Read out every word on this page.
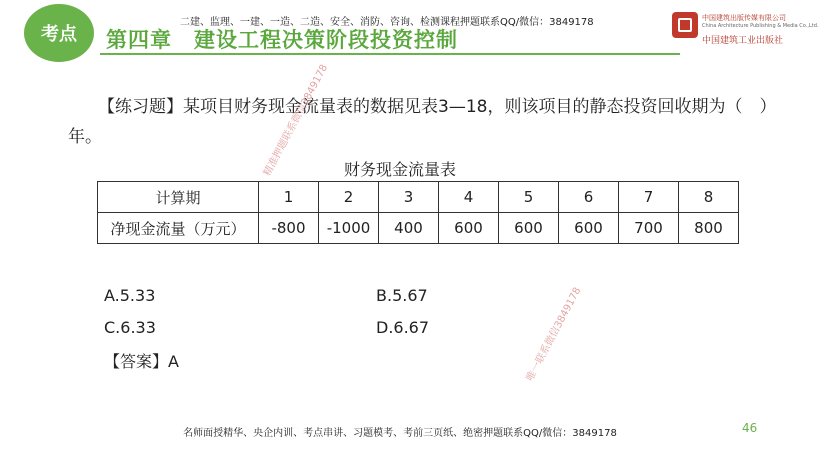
考点	第四章　建设工程决策阶段投资控制
二建、监理、一建、一造、二造、安全、消防、咨询、检测课程押题联系QQ/微信：3849178	中国建筑出版传媒有限公司
China Architecture Publishing & Media Co.,Ltd.
中国建筑工业出版社
【练习题】某项目财务现金流量表的数据见表3—18，则该项目的静态投资回收期为（　）年。
财务现金流量表
计算期	1	2	3	4	5	6	7	8
净现金流量（万元）	-800	-1000	400	600	600	600	700	800
A.5.33	B.5.67
C.6.33	D.6.67
【答案】A
精准押题联系微信3849178
唯一联系微信3849178
名师面授精华、央企内训、考点串讲、习题模考、考前三页纸、绝密押题联系QQ/微信：3849178	46
